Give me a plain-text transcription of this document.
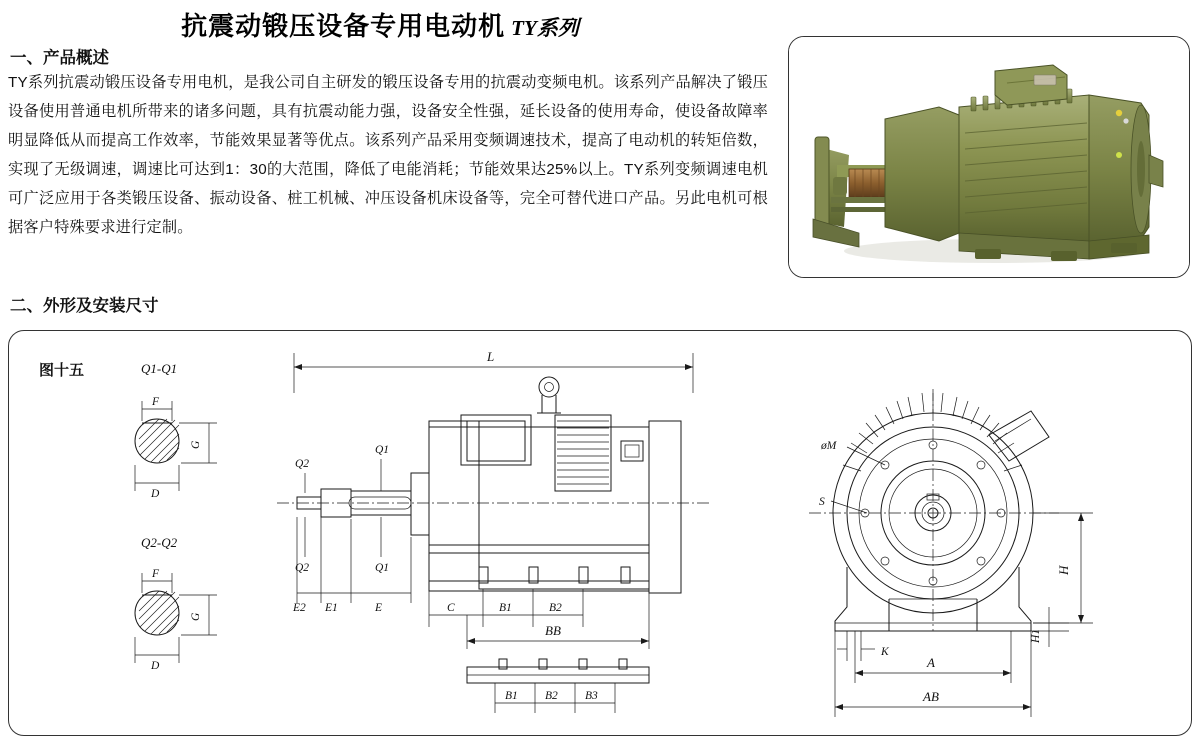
抗震动锻压设备专用电动机 TY系列
一、产品概述
TY系列抗震动锻压设备专用电机，是我公司自主研发的锻压设备专用的抗震动变频电机。该系列产品解决了锻压设备使用普通电机所带来的诸多问题，具有抗震动能力强，设备安全性强，延长设备的使用寿命，使设备故障率明显降低从而提高工作效率，节能效果显著等优点。该系列产品采用变频调速技术，提高了电动机的转矩倍数，实现了无级调速，调速比可达到1：30的大范围，降低了电能消耗；节能效果达25%以上。TY系列变频调速电机可广泛应用于各类锻压设备、振动设备、桩工机械、冲压设备机床设备等，完全可替代进口产品。另此电机可根据客户特殊要求进行定制。
二、外形及安装尺寸
图十五	Q1-Q1
F
G
D
Q2-Q2
F
G
D
L
E2 E1	E
Q2
Q2
Q1
Q1
C	B1	B2
BB
B1 B2 B3
øM
S
H
H1
K
A
AB
